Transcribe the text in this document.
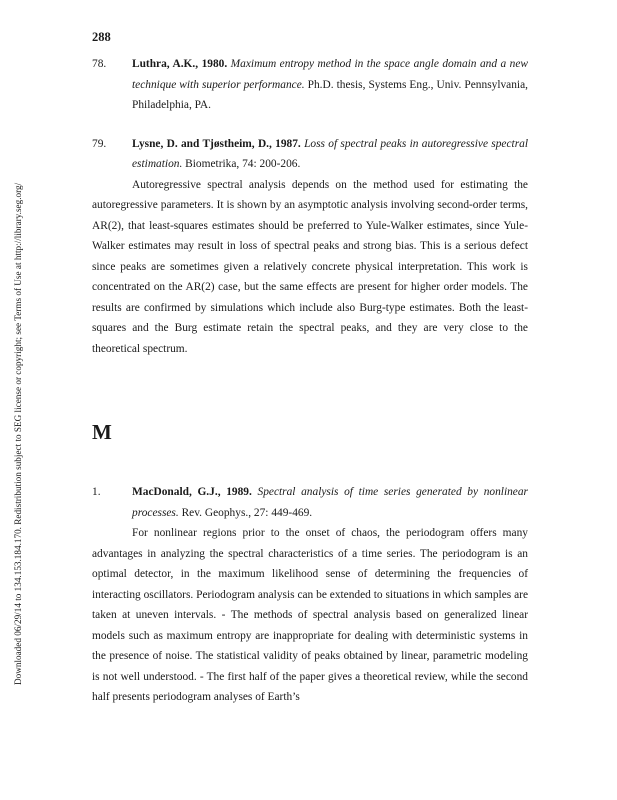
288
Downloaded 06/29/14 to 134.153.184.170. Redistribution subject to SEG license or copyright; see Terms of Use at http://library.seg.org/
78.	Luthra, A.K., 1980. Maximum entropy method in the space angle domain and a new technique with superior performance. Ph.D. thesis, Systems Eng., Univ. Pennsylvania, Philadelphia, PA.
79.	Lysne, D. and Tjøstheim, D., 1987. Loss of spectral peaks in autoregressive spectral estimation. Biometrika, 74: 200-206.

Autoregressive spectral analysis depends on the method used for estimating the autoregressive parameters. It is shown by an asymptotic analysis involving second-order terms, AR(2), that least-squares estimates should be preferred to Yule-Walker estimates, since Yule-Walker estimates may result in loss of spectral peaks and strong bias. This is a serious defect since peaks are sometimes given a relatively concrete physical interpretation. This work is concentrated on the AR(2) case, but the same effects are present for higher order models. The results are confirmed by simulations which include also Burg-type estimates. Both the least-squares and the Burg estimate retain the spectral peaks, and they are very close to the theoretical spectrum.

M

1.	MacDonald, G.J., 1989. Spectral analysis of time series generated by nonlinear processes. Rev. Geophys., 27: 449-469.

For nonlinear regions prior to the onset of chaos, the periodogram offers many advantages in analyzing the spectral characteristics of a time series. The periodogram is an optimal detector, in the maximum likelihood sense of determining the frequencies of interacting oscillators. Periodogram analysis can be extended to situations in which samples are taken at uneven intervals. - The methods of spectral analysis based on generalized linear models such as maximum entropy are inappropriate for dealing with deterministic systems in the presence of noise. The statistical validity of peaks obtained by linear, parametric modeling is not well understood. - The first half of the paper gives a theoretical review, while the second half presents periodogram analyses of Earth’s
